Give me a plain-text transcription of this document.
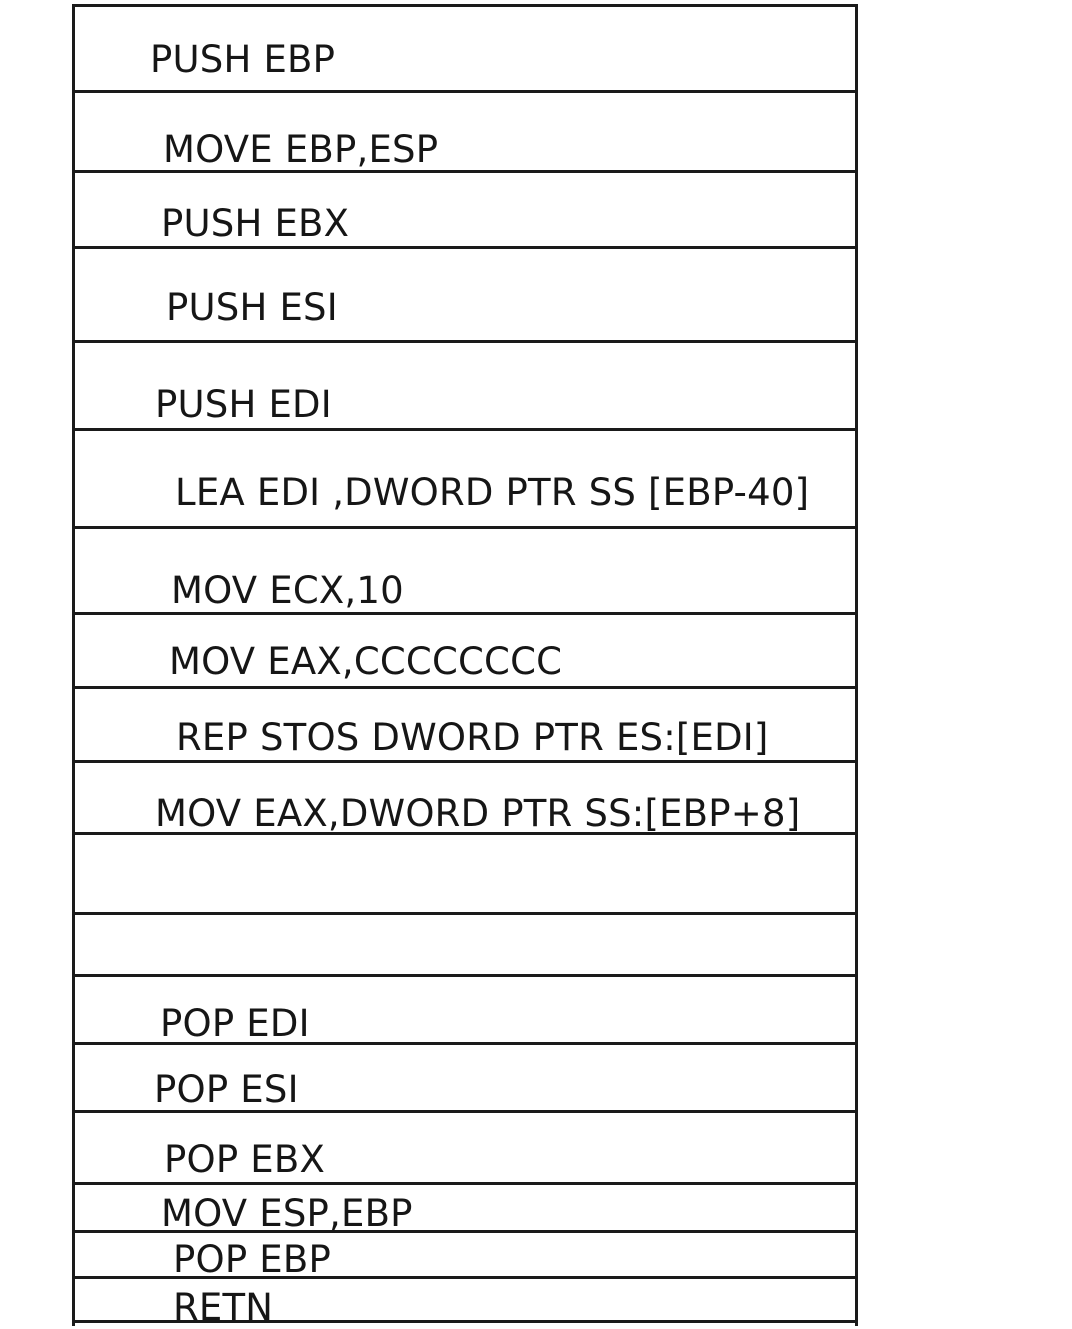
PUSH EBP
MOVE EBP,ESP
PUSH EBX
PUSH ESI
PUSH EDI
LEA EDI ,DWORD PTR SS [EBP-40]
MOV ECX,10
MOV EAX,CCCCCCCC
REP STOS DWORD PTR ES:[EDI]
MOV EAX,DWORD PTR SS:[EBP+8]
POP EDI
POP ESI
POP EBX
MOV ESP,EBP
POP EBP
RETN
